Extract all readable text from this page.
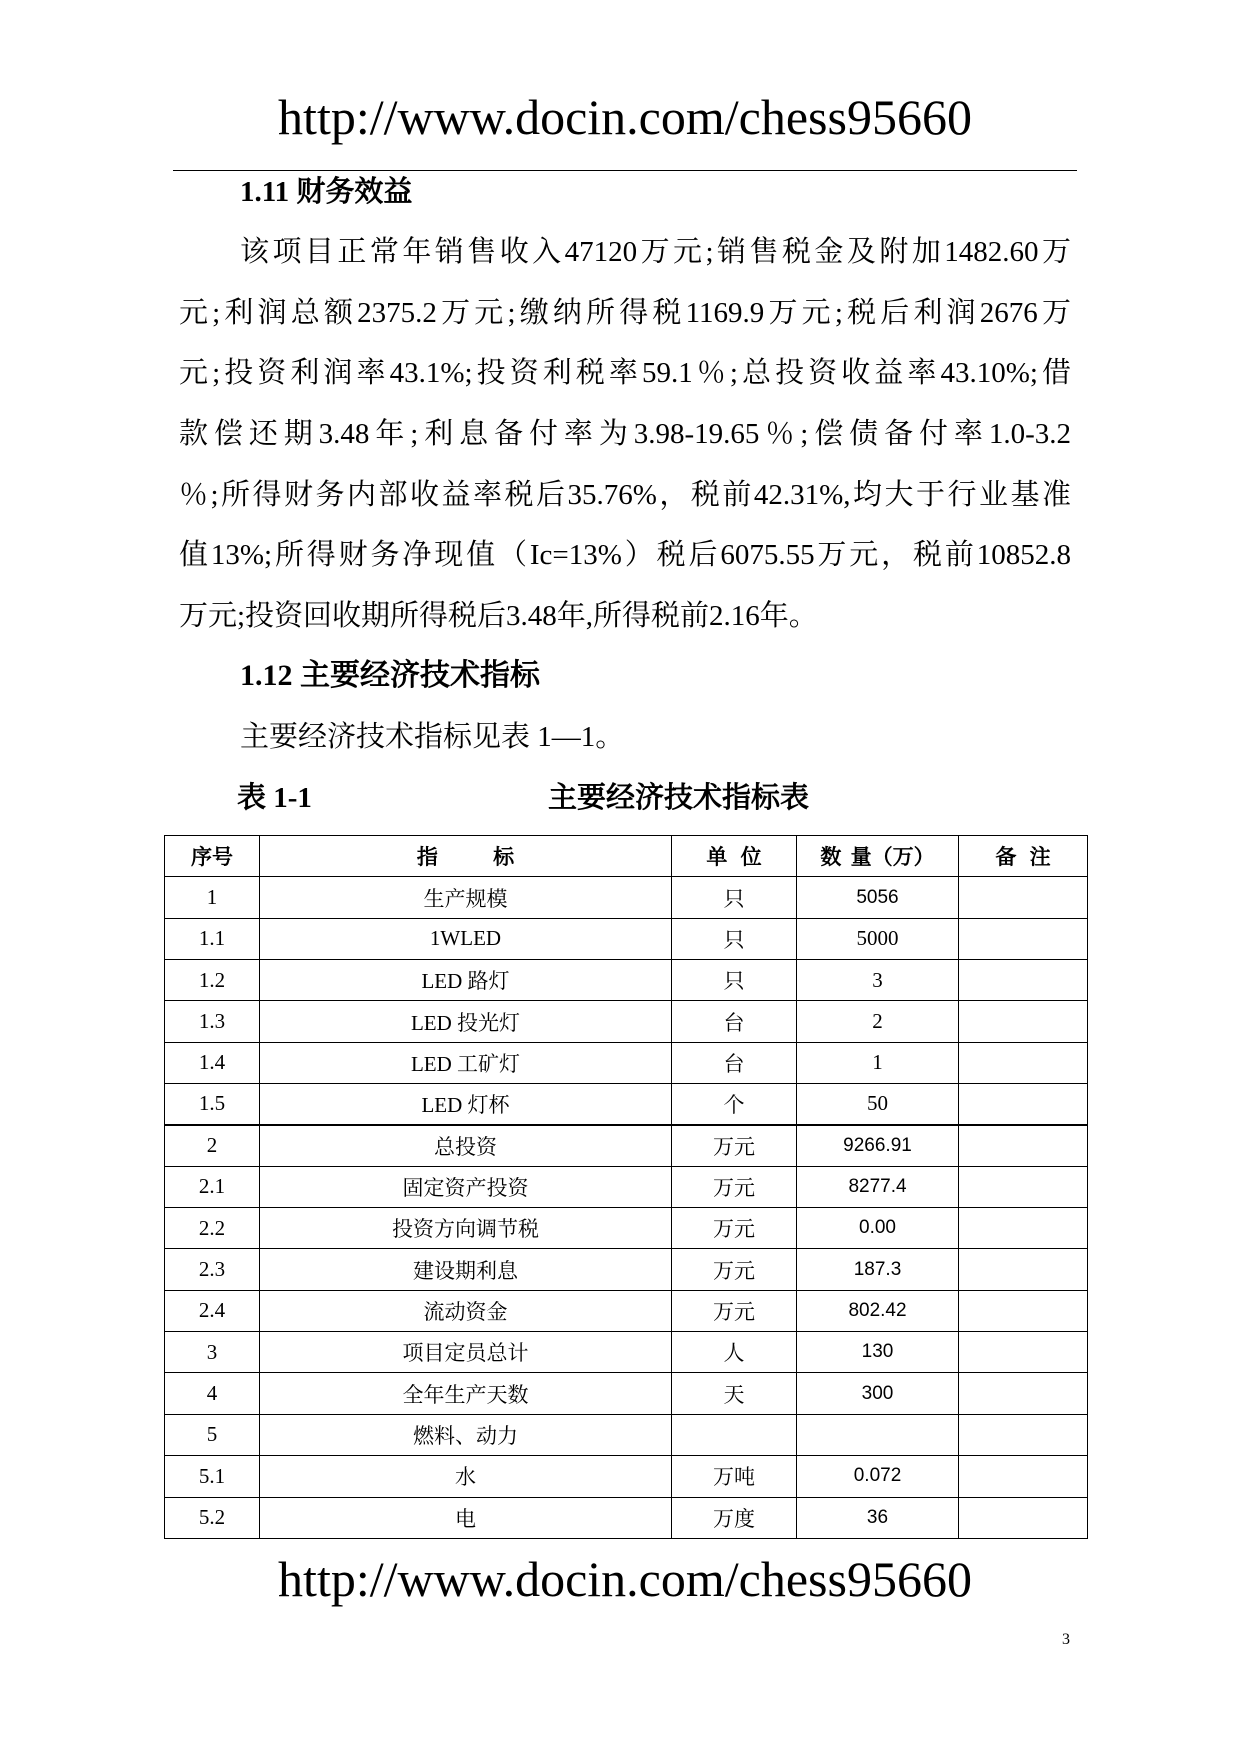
http://www.docin.com/chess95660
1.11 财务效益
该项目正常年销售收入47120万元;销售税金及附加1482.60万
元;利润总额2375.2万元;缴纳所得税1169.9万元;税后利润2676万
元;投资利润率43.1%;投资利税率59.1％;总投资收益率43.10%;借
款偿还期3.48年;利息备付率为3.98-19.65％;偿债备付率1.0-3.2
％;所得财务内部收益率税后35.76%，税前42.31%,均大于行业基准
值13%;所得财务净现值（Ic=13%）税后6075.55万元，税前10852.8
万元;投资回收期所得税后3.48年,所得税前2.16年。
1.12 主要经济技术指标
主要经济技术指标见表 1—1。
表 1-1	主要经济技术指标表
序号	指 标	单 位	数 量（万）	备 注
1	生产规模	只	5056	
1.1	1WLED	只	5000	
1.2	LED 路灯	只	3	
1.3	LED 投光灯	台	2	
1.4	LED 工矿灯	台	1	
1.5	LED 灯杯	个	50	
2	总投资	万元	9266.91	
2.1	固定资产投资	万元	8277.4	
2.2	投资方向调节税	万元	0.00	
2.3	建设期利息	万元	187.3	
2.4	流动资金	万元	802.42	
3	项目定员总计	人	130	
4	全年生产天数	天	300	
5	燃料、动力			
5.1	水	万吨	0.072	
5.2	电	万度	36	
http://www.docin.com/chess95660
3
